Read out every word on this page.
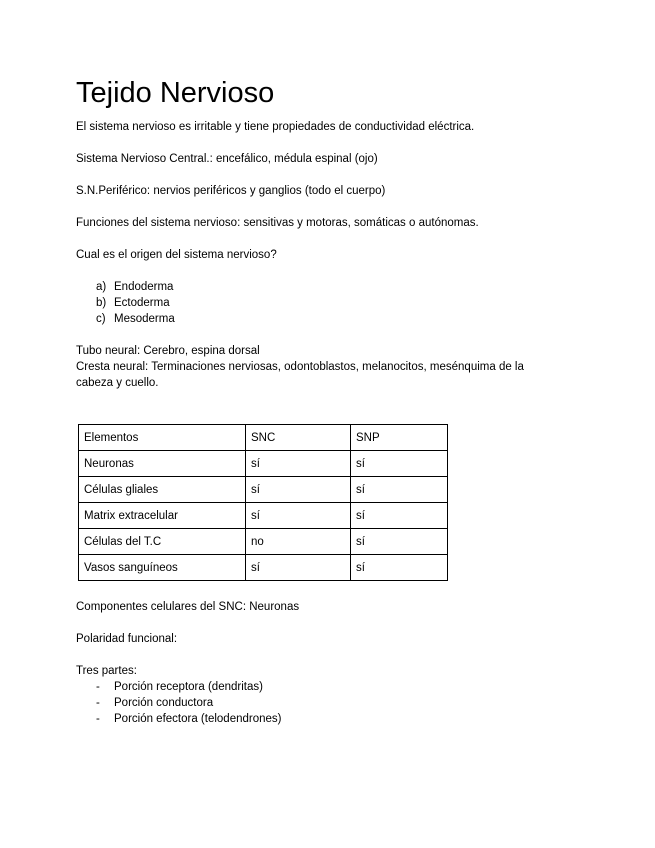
Tejido Nervioso
El sistema nervioso es irritable y tiene propiedades de conductividad eléctrica.
Sistema Nervioso Central.: encefálico, médula espinal (ojo)
S.N.Periférico: nervios periféricos y ganglios (todo el cuerpo)
Funciones del sistema nervioso: sensitivas y motoras, somáticas o autónomas.
Cual es el origen del sistema nervioso?
a) Endoderma
b) Ectoderma
c) Mesoderma
Tubo neural: Cerebro, espina dorsal
Cresta neural: Terminaciones nerviosas, odontoblastos, melanocitos, mesénquima de la cabeza y cuello.
Elementos	SNC	SNP
Neuronas	sí	sí
Células gliales	sí	sí
Matrix extracelular	sí	sí
Células del T.C	no	sí
Vasos sanguíneos	sí	sí
Componentes celulares del SNC: Neuronas
Polaridad funcional:
Tres partes:
- Porción receptora (dendritas)
- Porción conductora
- Porción efectora (telodendrones)
